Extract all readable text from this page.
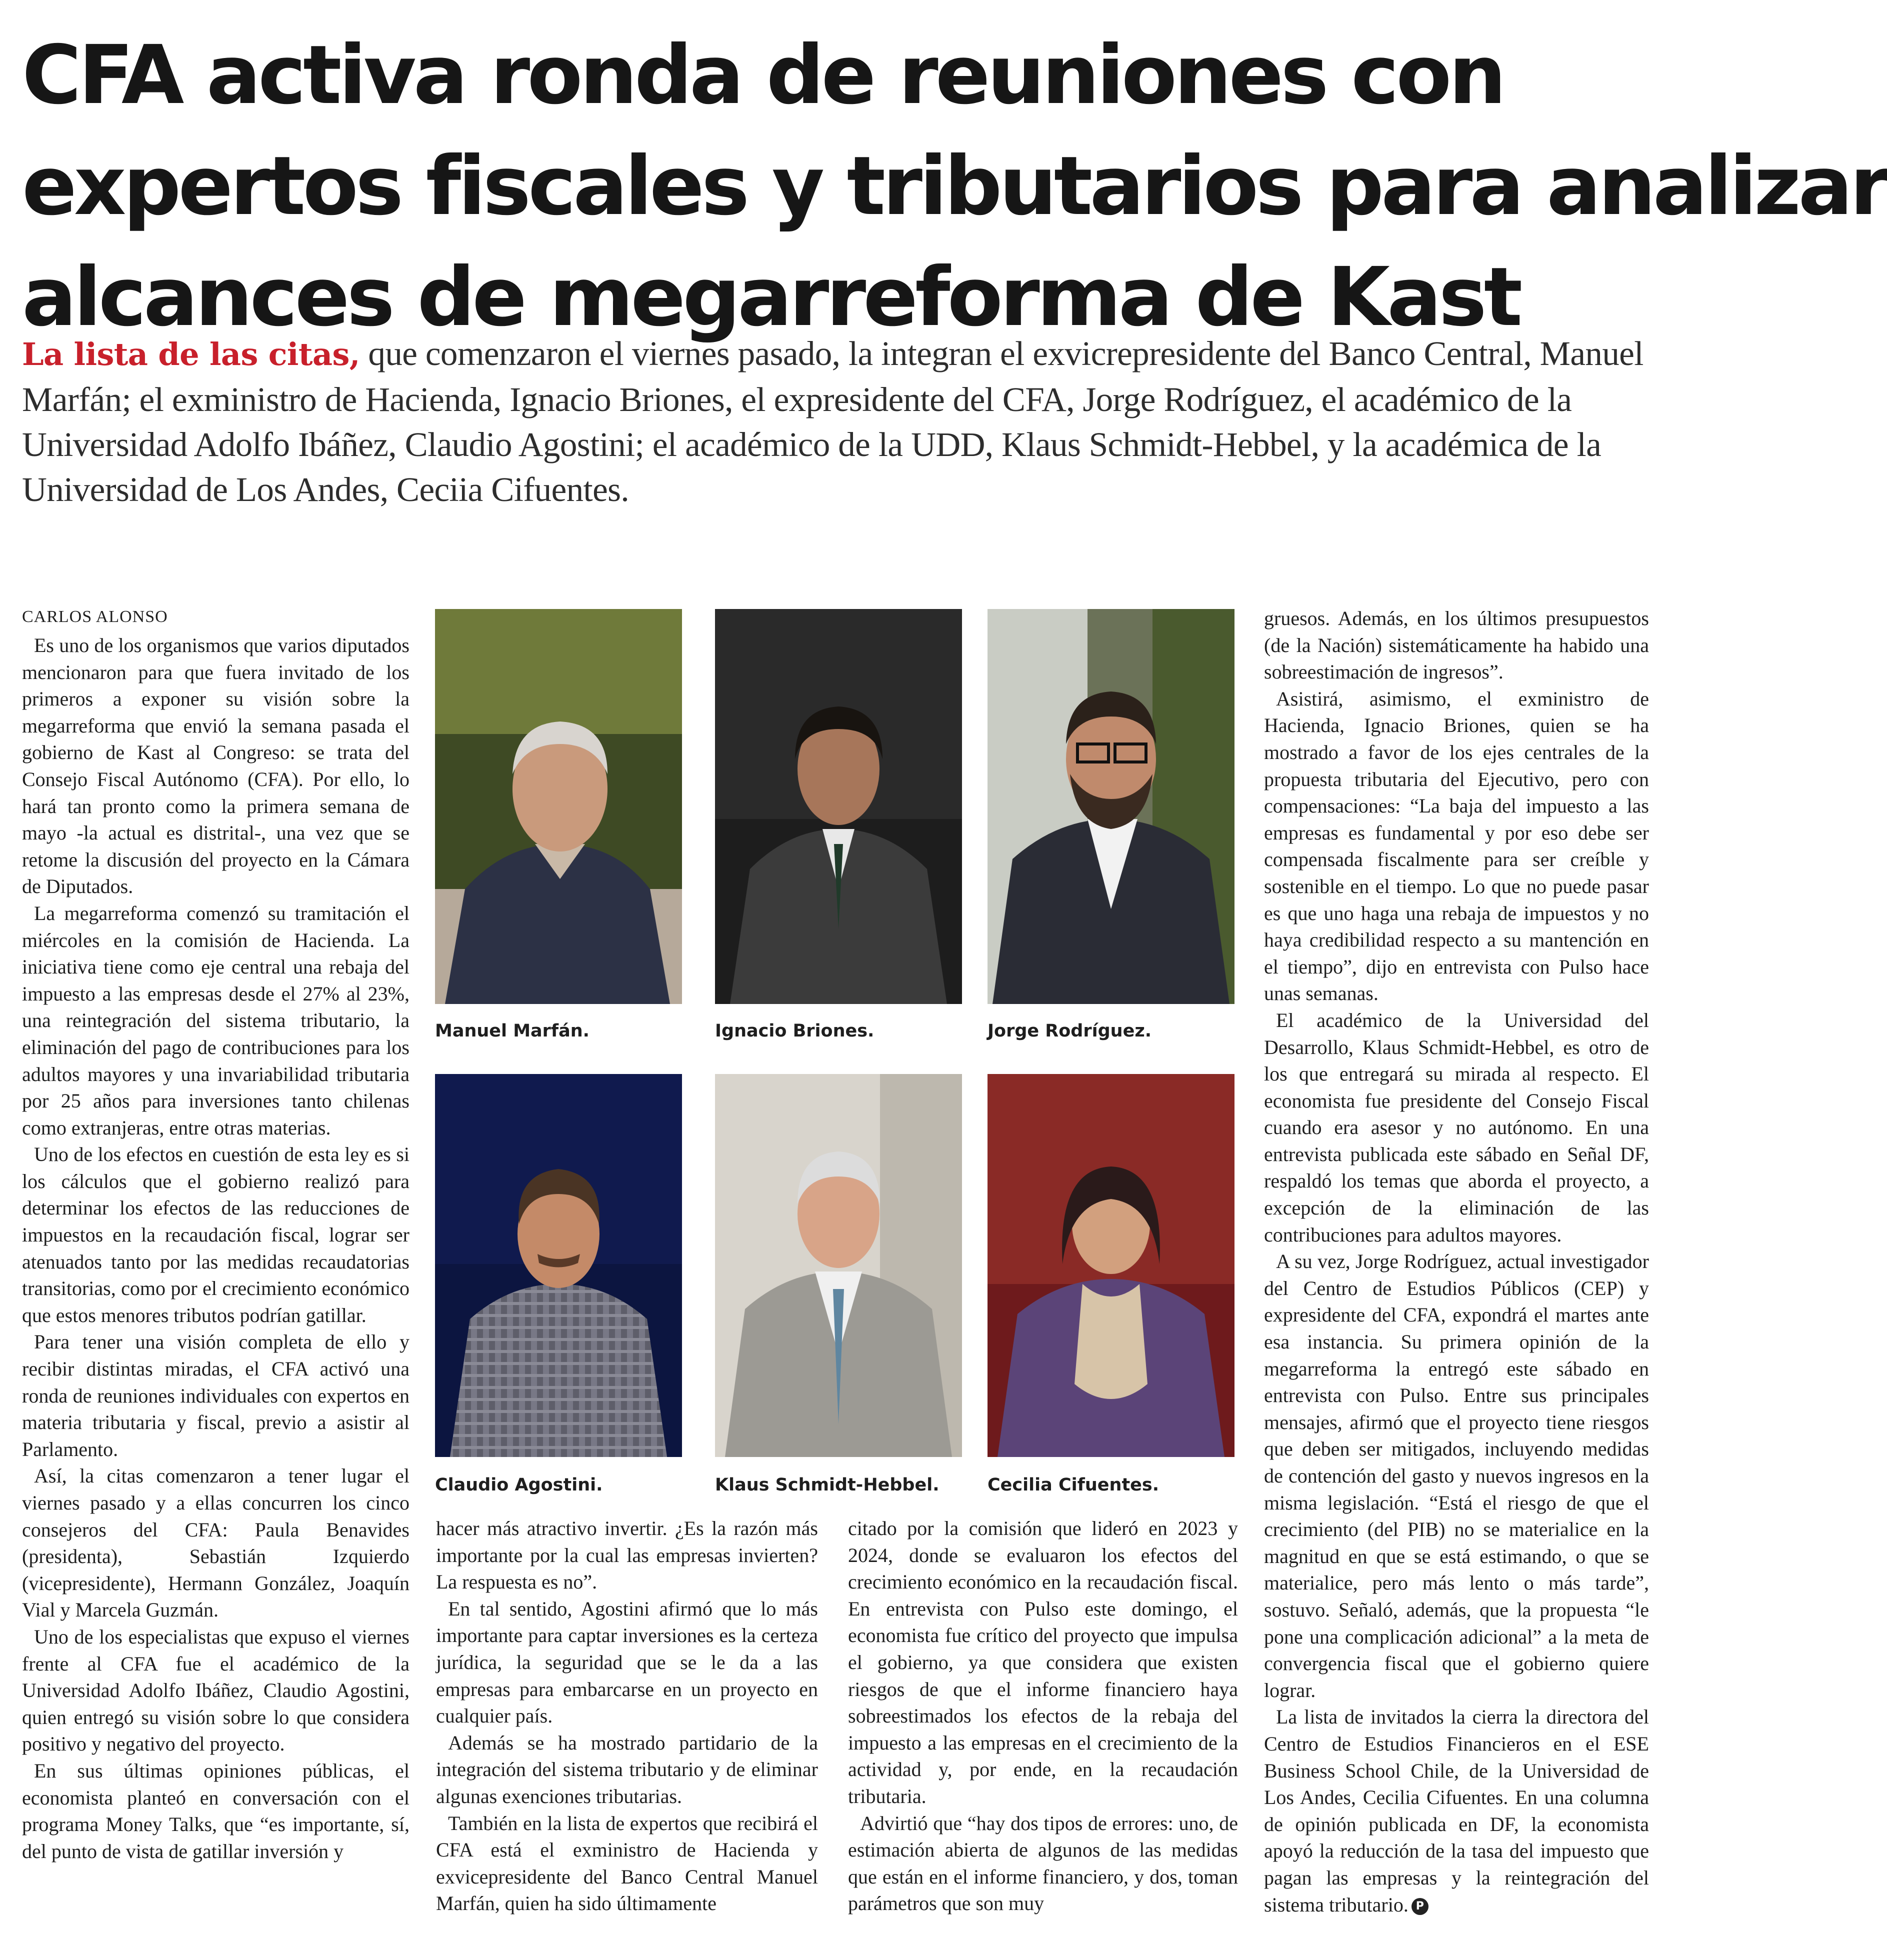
CFA activa ronda de reuniones con
expertos fiscales y tributarios para analizar
alcances de megarreforma de Kast

La lista de las citas, que comenzaron el viernes pasado, la integran el exvicrepresidente del Banco Central, Manuel Marfán; el exministro de Hacienda, Ignacio Briones, el expresidente del CFA, Jorge Rodríguez, el académico de la Universidad Adolfo Ibáñez, Claudio Agostini; el académico de la UDD, Klaus Schmidt-Hebbel, y la académica de la Universidad de Los Andes, Ceciia Cifuentes.

CARLOS ALONSO

Es uno de los organismos que varios diputados mencionaron para que fuera invitado de los primeros a exponer su visión sobre la megarreforma que envió la semana pasada el gobierno de Kast al Congreso: se trata del Consejo Fiscal Autónomo (CFA). Por ello, lo hará tan pronto como la primera semana de mayo -la actual es distrital-, una vez que se retome la discusión del proyecto en la Cámara de Diputados.

La megarreforma comenzó su tramitación el miércoles en la comisión de Hacienda. La iniciativa tiene como eje central una rebaja del impuesto a las empresas desde el 27% al 23%, una reintegración del sistema tributario, la eliminación del pago de contribuciones para los adultos mayores y una invariabilidad tributaria por 25 años para inversiones tanto chilenas como extranjeras, entre otras materias.

Uno de los efectos en cuestión de esta ley es si los cálculos que el gobierno realizó para determinar los efectos de las reducciones de impuestos en la recaudación fiscal, lograr ser atenuados tanto por las medidas recaudatorias transitorias, como por el crecimiento económico que estos menores tributos podrían gatillar.

Para tener una visión completa de ello y recibir distintas miradas, el CFA activó una ronda de reuniones individuales con expertos en materia tributaria y fiscal, previo a asistir al Parlamento.

Así, la citas comenzaron a tener lugar el viernes pasado y a ellas concurren los cinco consejeros del CFA: Paula Benavides (presidenta), Sebastián Izquierdo (vicepresidente), Hermann González, Joaquín Vial y Marcela Guzmán.

Uno de los especialistas que expuso el viernes frente al CFA fue el académico de la Universidad Adolfo Ibáñez, Claudio Agostini, quien entregó su visión sobre lo que considera positivo y negativo del proyecto.

En sus últimas opiniones públicas, el economista planteó en conversación con el programa Money Talks, que “es importante, sí, del punto de vista de gatillar inversión y

Manuel Marfán.	Ignacio Briones.	Jorge Rodríguez.
Claudio Agostini.	Klaus Schmidt-Hebbel.	Cecilia Cifuentes.

hacer más atractivo invertir. ¿Es la razón más importante por la cual las empresas invierten? La respuesta es no”.

En tal sentido, Agostini afirmó que lo más importante para captar inversiones es la certeza jurídica, la seguridad que se le da a las empresas para embarcarse en un proyecto en cualquier país.

Además se ha mostrado partidario de la integración del sistema tributario y de eliminar algunas exenciones tributarias.

También en la lista de expertos que recibirá el CFA está el exministro de Hacienda y exvicepresidente del Banco Central Manuel Marfán, quien ha sido últimamente

citado por la comisión que lideró en 2023 y 2024, donde se evaluaron los efectos del crecimiento económico en la recaudación fiscal. En entrevista con Pulso este domingo, el economista fue crítico del proyecto que impulsa el gobierno, ya que considera que existen riesgos de que el informe financiero haya sobreestimados los efectos de la rebaja del impuesto a las empresas en el crecimiento de la actividad y, por ende, en la recaudación tributaria.

Advirtió que “hay dos tipos de errores: uno, de estimación abierta de algunos de las medidas que están en el informe financiero, y dos, toman parámetros que son muy

gruesos. Además, en los últimos presupuestos (de la Nación) sistemáticamente ha habido una sobreestimación de ingresos”.

Asistirá, asimismo, el exministro de Hacienda, Ignacio Briones, quien se ha mostrado a favor de los ejes centrales de la propuesta tributaria del Ejecutivo, pero con compensaciones: “La baja del impuesto a las empresas es fundamental y por eso debe ser compensada fiscalmente para ser creíble y sostenible en el tiempo. Lo que no puede pasar es que uno haga una rebaja de impuestos y no haya credibilidad respecto a su mantención en el tiempo”, dijo en entrevista con Pulso hace unas semanas.

El académico de la Universidad del Desarrollo, Klaus Schmidt-Hebbel, es otro de los que entregará su mirada al respecto. El economista fue presidente del Consejo Fiscal cuando era asesor y no autónomo. En una entrevista publicada este sábado en Señal DF, respaldó los temas que aborda el proyecto, a excepción de la eliminación de las contribuciones para adultos mayores.

A su vez, Jorge Rodríguez, actual investigador del Centro de Estudios Públicos (CEP) y expresidente del CFA, expondrá el martes ante esa instancia. Su primera opinión de la megarreforma la entregó este sábado en entrevista con Pulso. Entre sus principales mensajes, afirmó que el proyecto tiene riesgos que deben ser mitigados, incluyendo medidas de contención del gasto y nuevos ingresos en la misma legislación. “Está el riesgo de que el crecimiento (del PIB) no se materialice en la magnitud en que se está estimando, o que se materialice, pero más lento o más tarde”, sostuvo. Señaló, además, que la propuesta “le pone una complicación adicional” a la meta de convergencia fiscal que el gobierno quiere lograr.

La lista de invitados la cierra la directora del Centro de Estudios Financieros en el ESE Business School Chile, de la Universidad de Los Andes, Cecilia Cifuentes. En una columna de opinión publicada en DF, la economista apoyó la reducción de la tasa del impuesto que pagan las empresas y la reintegración del sistema tributario. P
